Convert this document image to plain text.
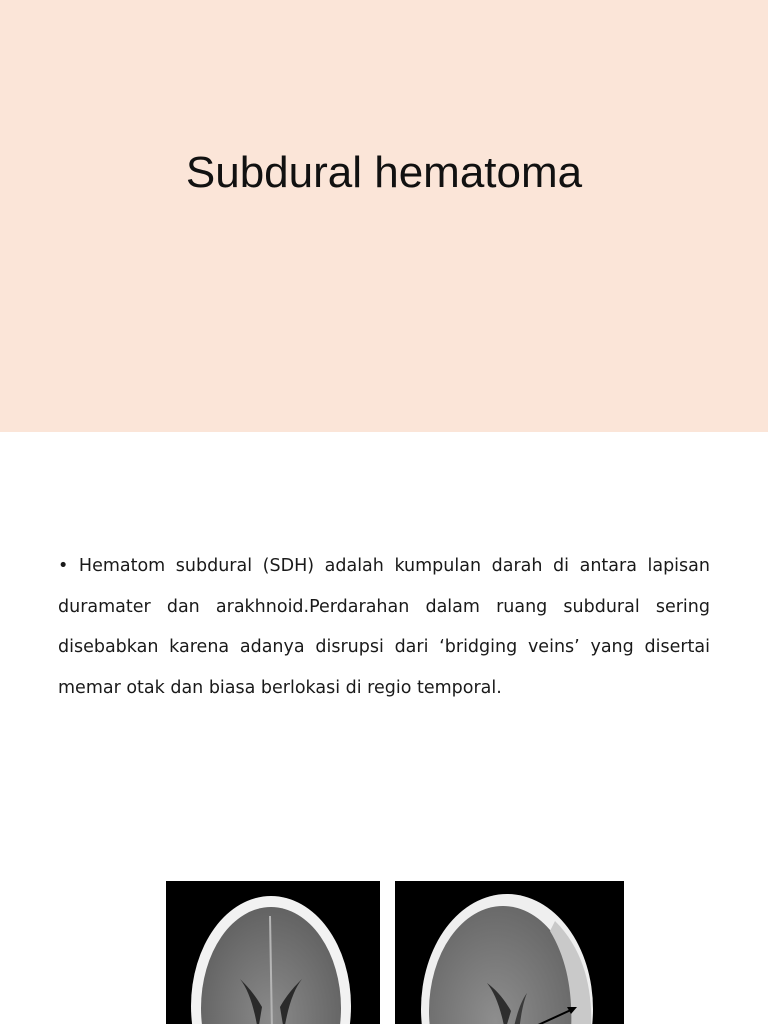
Subdural hematoma

• Hematom subdural (SDH) adalah kumpulan darah di antara lapisan duramater dan arakhnoid.Perdarahan dalam ruang subdural sering disebabkan karena adanya disrupsi dari ‘bridging veins’ yang disertai memar otak dan biasa berlokasi di regio temporal.
